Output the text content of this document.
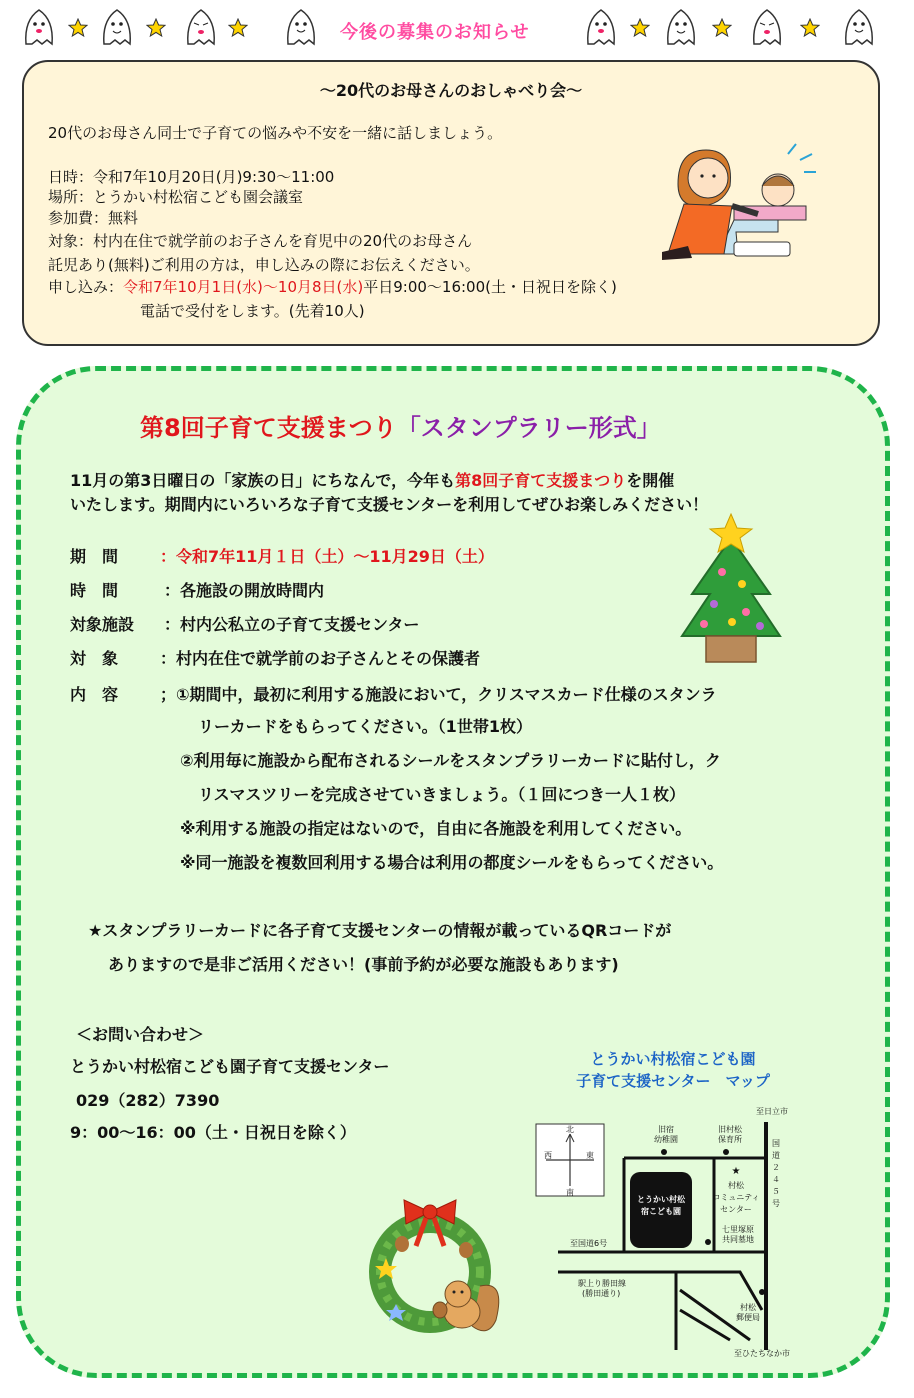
今後の募集のお知らせ
～20代のお母さんのおしゃべり会～
20代のお母さん同士で子育ての悩みや不安を一緒に話しましょう。
日時：令和7年10月20日(月)9:30～11:00
場所：とうかい村松宿こども園会議室
参加費：無料
対象：村内在住で就学前のお子さんを育児中の20代のお母さん
託児あり(無料)ご利用の方は，申し込みの際にお伝えください。
申し込み：令和7年10月1日(水)～10月8日(水)平日9:00～16:00(土・日祝日を除く)
電話で受付をします。(先着10人)
第8回子育て支援まつり「スタンプラリー形式」
11月の第3日曜日の「家族の日」にちなんで，今年も第8回子育て支援まつりを開催
いたします。期間内にいろいろな子育て支援センターを利用してぜひお楽しみください！
期　間	：令和7年11月１日（土）～11月29日（土）
時　間	：各施設の開放時間内
対象施設 ：村内公私立の子育て支援センター
対　象	：村内在住で就学前のお子さんとその保護者
内　容	；①期間中，最初に利用する施設において，クリスマスカード仕様のスタンラ
リーカードをもらってください。（1世帯1枚）
②利用毎に施設から配布されるシールをスタンプラリーカードに貼付し，ク
リスマスツリーを完成させていきましょう。（１回につき一人１枚）
※利用する施設の指定はないので，自由に各施設を利用してください。
※同一施設を複数回利用する場合は利用の都度シールをもらってください。
★スタンプラリーカードに各子育て支援センターの情報が載っているQRコードが
ありますので是非ご活用ください！(事前予約が必要な施設もあります)
＜お問い合わせ＞
とうかい村松宿こども園子育て支援センター
029（282）7390
9：00～16：00（土・日祝日を除く）
とうかい村松宿こども園
子育て支援センター　マップ
北
南
東
西
とうかい村松
宿こども園
至日立市
至ひたちなか市
旧宿
幼稚園
旧村松
保育所	国
道
２
４
５
号
★
村松
コミュニティ
センター
七里塚原
共同墓地
至国道6号
駅上り勝田線
(勝田通り)
村松
郵便局
